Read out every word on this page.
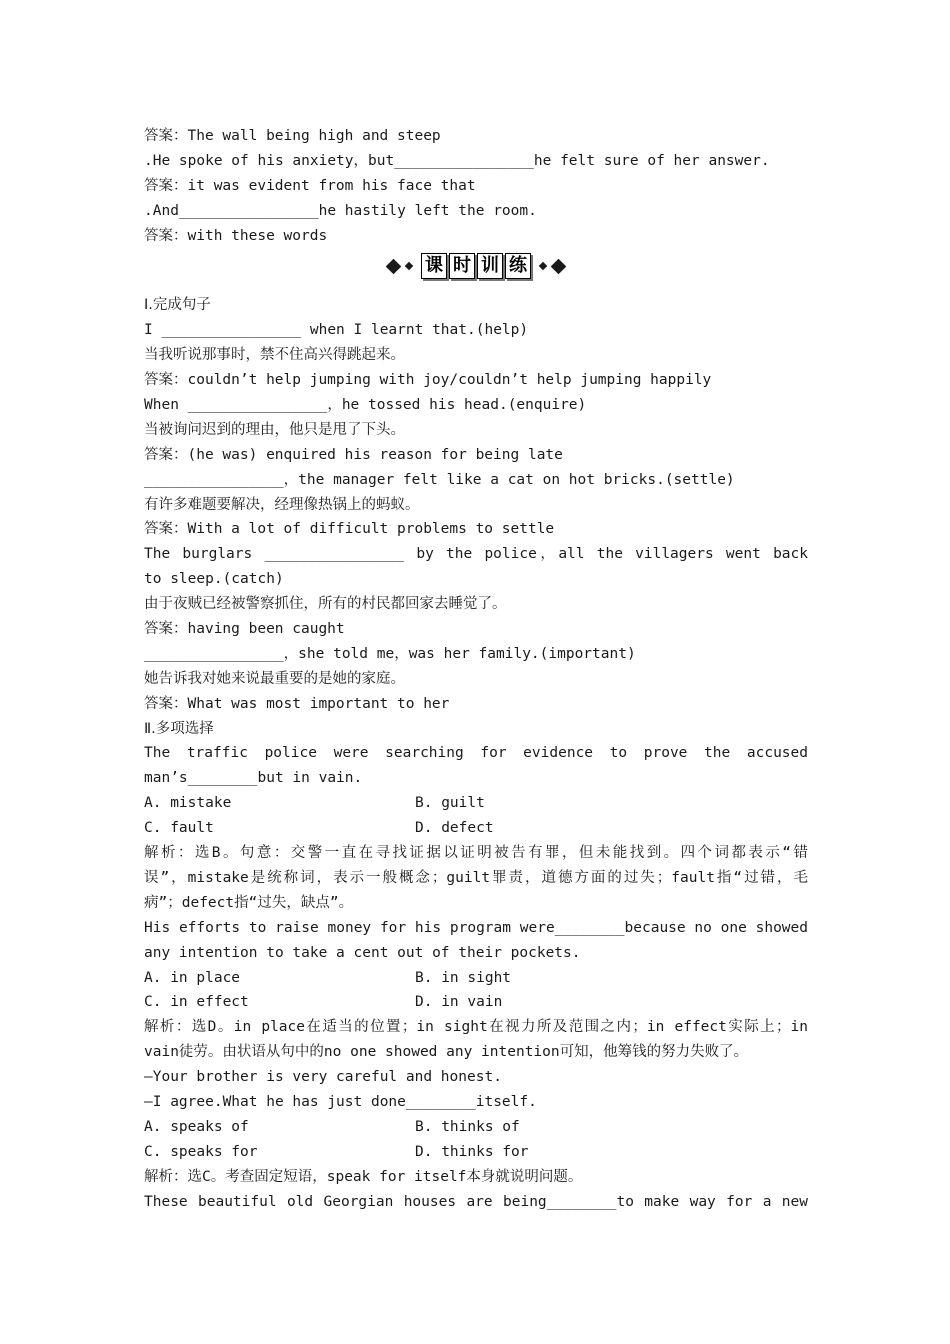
答案：The wall being high and steep
.He spoke of his anxiety，but________________he felt sure of her answer.
答案：it was evident from his face that
.And________________he hastily left the room.
答案：with these words
课 时 训 练
Ⅰ.完成句子
I ________________ when I learnt that.(help)
当我听说那事时，禁不住高兴得跳起来。
答案：couldn’t help jumping with joy/couldn’t help jumping happily
When ________________，he tossed his head.(enquire)
当被询问迟到的理由，他只是甩了下头。
答案：(he was) enquired his reason for being late
________________，the manager felt like a cat on hot bricks.(settle)
有许多难题要解决，经理像热锅上的蚂蚁。
答案：With a lot of difficult problems to settle
The burglars ________________ by the police，all the villagers went back
to sleep.(catch)
由于夜贼已经被警察抓住，所有的村民都回家去睡觉了。
答案：having been caught
________________，she told me，was her family.(important)
她告诉我对她来说最重要的是她的家庭。
答案：What was most important to her
Ⅱ.多项选择
The traffic police were searching for evidence to prove the accused
man’s________but in vain.
A. mistake	B. guilt
C. fault	D. defect
解析：选B。句意：交警一直在寻找证据以证明被告有罪，但未能找到。四个词都表示“错
误”，mistake是统称词，表示一般概念；guilt罪责，道德方面的过失；fault指“过错，毛
病”；defect指“过失，缺点”。
His efforts to raise money for his program were________because no one showed
any intention to take a cent out of their pockets.
A. in place	B. in sight
C. in effect	D. in vain
解析：选D。in place在适当的位置；in sight在视力所及范围之内；in effect实际上；in
vain徒劳。由状语从句中的no one showed any intention可知，他筹钱的努力失败了。
—Your brother is very careful and honest.
—I agree.What he has just done________itself.
A. speaks of	B. thinks of
C. speaks for	D. thinks for
解析：选C。考查固定短语，speak for itself本身就说明问题。
These beautiful old Georgian houses are being________to make way for a new
